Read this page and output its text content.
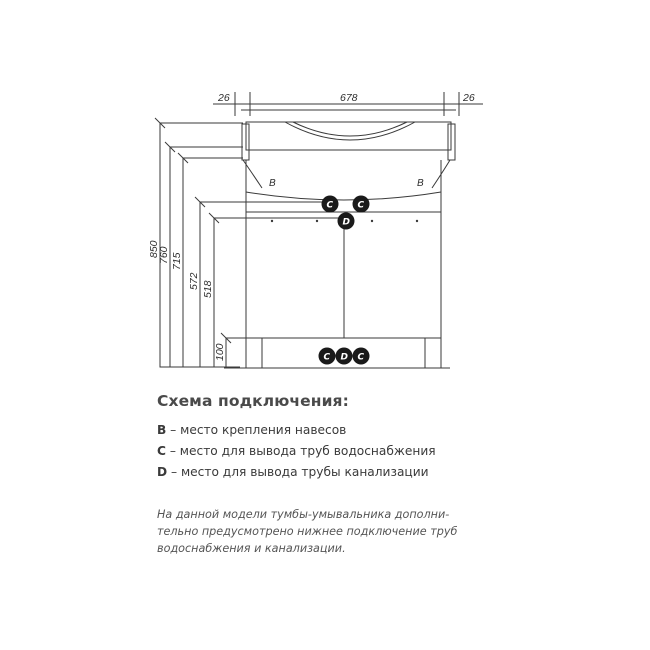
26	678	26
850
760 715
572 518
100
B	B
C	C
D
C D C
Схема подключения:
B – место крепления навесов
C – место для вывода труб водоснабжения
D – место для вывода трубы канализации
На данной модели тумбы-умывальника дополни-
тельно предусмотрено нижнее подключение труб
водоснабжения и канализации.
